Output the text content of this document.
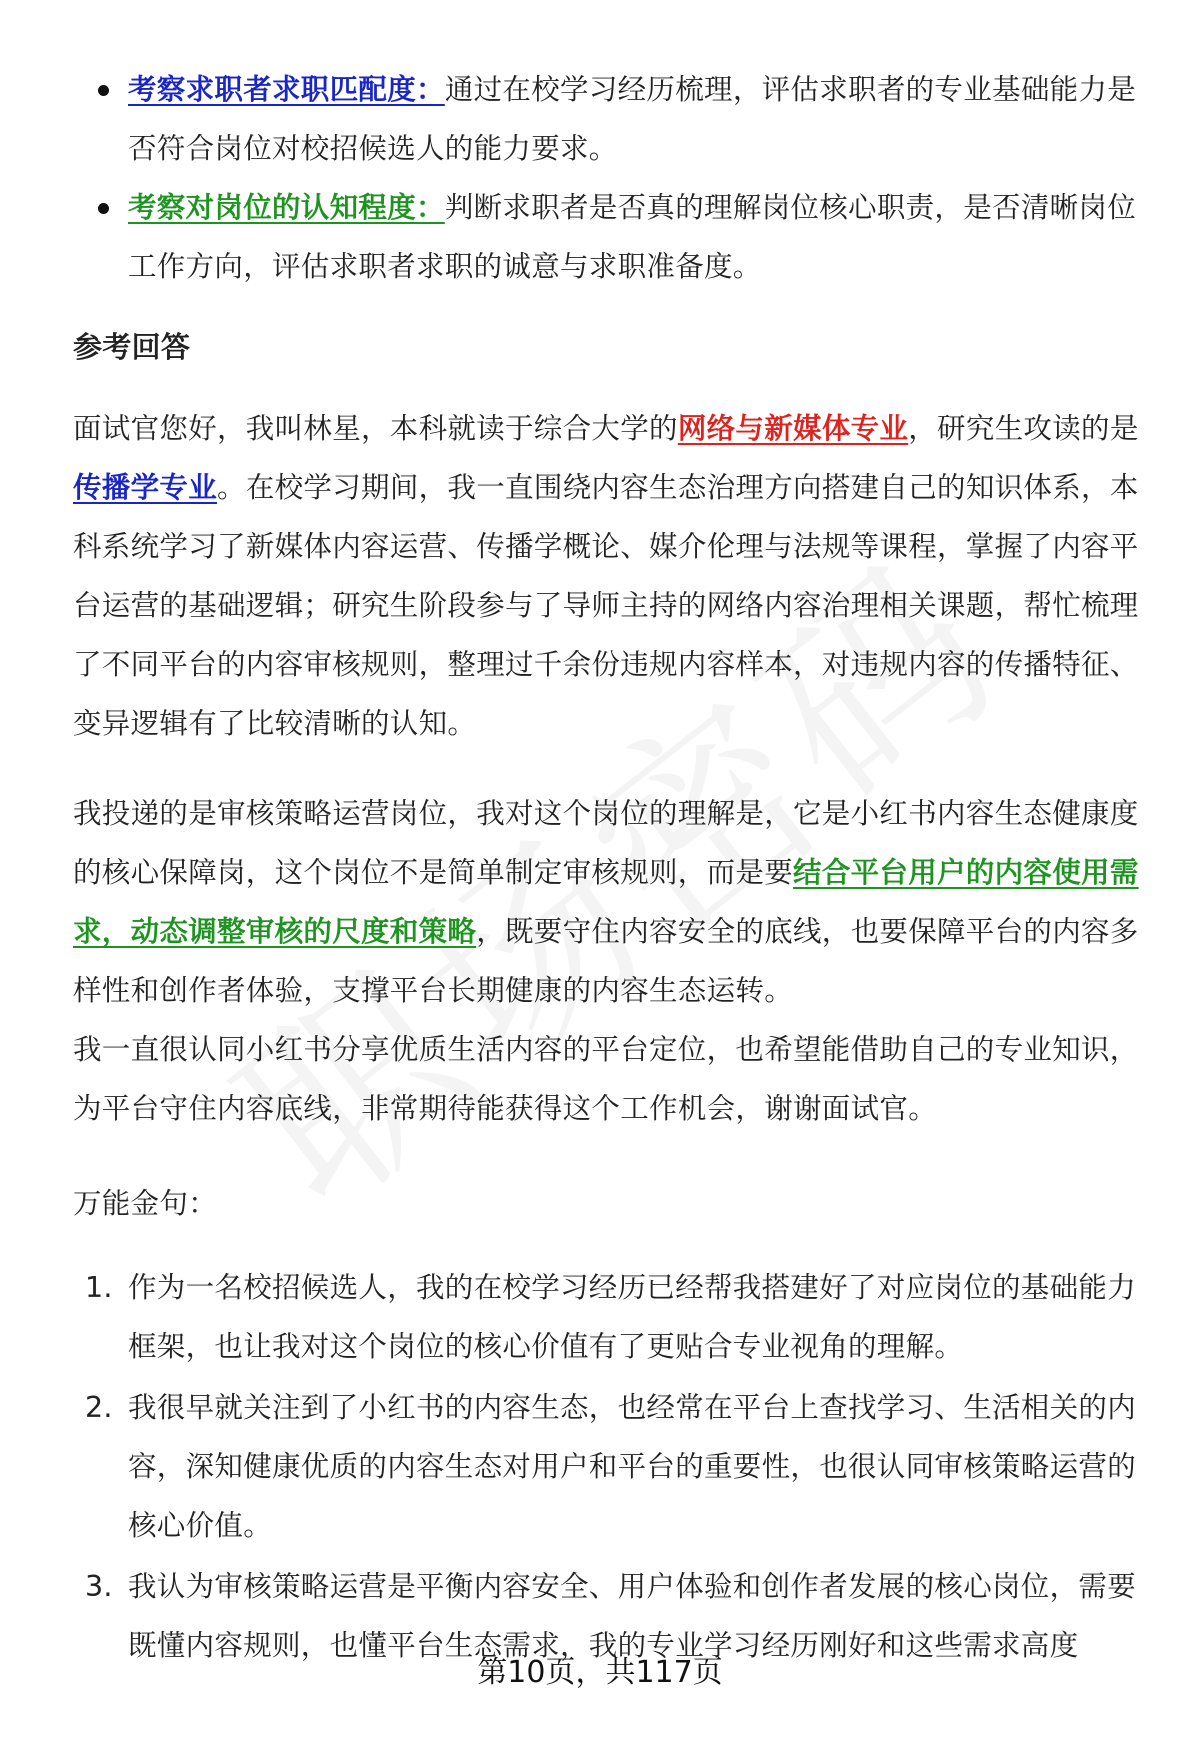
考察求职者求职匹配度：通过在校学习经历梳理，评估求职者的专业基础能力是否符合岗位对校招候选人的能力要求。
考察对岗位的认知程度：判断求职者是否真的理解岗位核心职责，是否清晰岗位工作方向，评估求职者求职的诚意与求职准备度。
参考回答
面试官您好，我叫林星，本科就读于综合大学的网络与新媒体专业，研究生攻读的是传播学专业。在校学习期间，我一直围绕内容生态治理方向搭建自己的知识体系，本科系统学习了新媒体内容运营、传播学概论、媒介伦理与法规等课程，掌握了内容平台运营的基础逻辑；研究生阶段参与了导师主持的网络内容治理相关课题，帮忙梳理了不同平台的内容审核规则，整理过千余份违规内容样本，对违规内容的传播特征、变异逻辑有了比较清晰的认知。
我投递的是审核策略运营岗位，我对这个岗位的理解是，它是小红书内容生态健康度的核心保障岗，这个岗位不是简单制定审核规则，而是要结合平台用户的内容使用需求，动态调整审核的尺度和策略，既要守住内容安全的底线，也要保障平台的内容多样性和创作者体验，支撑平台长期健康的内容生态运转。
我一直很认同小红书分享优质生活内容的平台定位，也希望能借助自己的专业知识，为平台守住内容底线，非常期待能获得这个工作机会，谢谢面试官。
万能金句：
1. 作为一名校招候选人，我的在校学习经历已经帮我搭建好了对应岗位的基础能力框架，也让我对这个岗位的核心价值有了更贴合专业视角的理解。
2. 我很早就关注到了小红书的内容生态，也经常在平台上查找学习、生活相关的内容，深知健康优质的内容生态对用户和平台的重要性，也很认同审核策略运营的核心价值。
3. 我认为审核策略运营是平衡内容安全、用户体验和创作者发展的核心岗位，需要既懂内容规则，也懂平台生态需求，我的专业学习经历刚好和这些需求高度
第10页，共117页
